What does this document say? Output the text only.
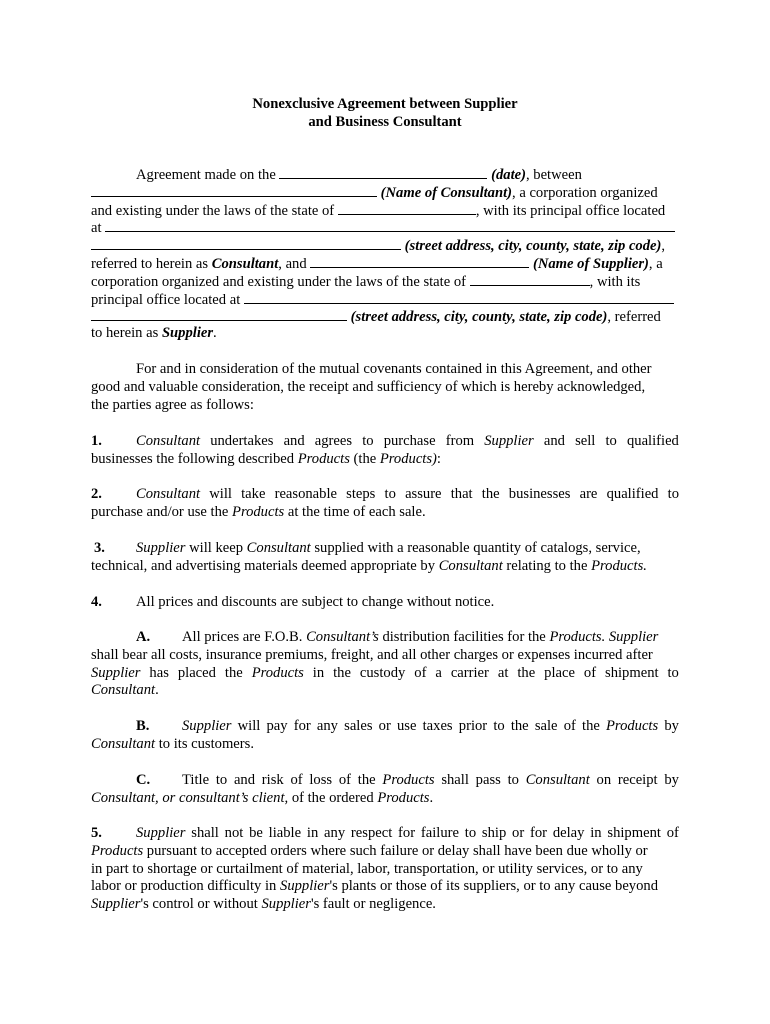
Nonexclusive Agreement between Supplier
and Business Consultant
Agreement made on the	(date), between
(Name of Consultant), a corporation organized
and existing under the laws of the state of	, with its principal office located
at
(street address, city, county, state, zip code),
referred to herein as Consultant, and	(Name of Supplier), a
corporation organized and existing under the laws of the state of	, with its
principal office located at
(street address, city, county, state, zip code), referred
to herein as Supplier.
For and in consideration of the mutual covenants contained in this Agreement, and other
good and valuable consideration, the receipt and sufficiency of which is hereby acknowledged,
the parties agree as follows:
1. Consultant undertakes and agrees to purchase from Supplier and sell to qualified
businesses the following described Products (the Products):
2. Consultant will take reasonable steps to assure that the businesses are qualified to
purchase and/or use the Products at the time of each sale.
3. Supplier will keep Consultant supplied with a reasonable quantity of catalogs, service,
technical, and advertising materials deemed appropriate by Consultant relating to the Products.
4. All prices and discounts are subject to change without notice.
A. All prices are F.O.B. Consultant’s distribution facilities for the Products. Supplier
shall bear all costs, insurance premiums, freight, and all other charges or expenses incurred after
Supplier has placed the Products in the custody of a carrier at the place of shipment to
Consultant.
B. Supplier will pay for any sales or use taxes prior to the sale of the Products by
Consultant to its customers.
C. Title to and risk of loss of the Products shall pass to Consultant on receipt by
Consultant, or consultant’s client, of the ordered Products.
5. Supplier shall not be liable in any respect for failure to ship or for delay in shipment of
Products pursuant to accepted orders where such failure or delay shall have been due wholly or
in part to shortage or curtailment of material, labor, transportation, or utility services, or to any
labor or production difficulty in Supplier's plants or those of its suppliers, or to any cause beyond
Supplier's control or without Supplier's fault or negligence.
